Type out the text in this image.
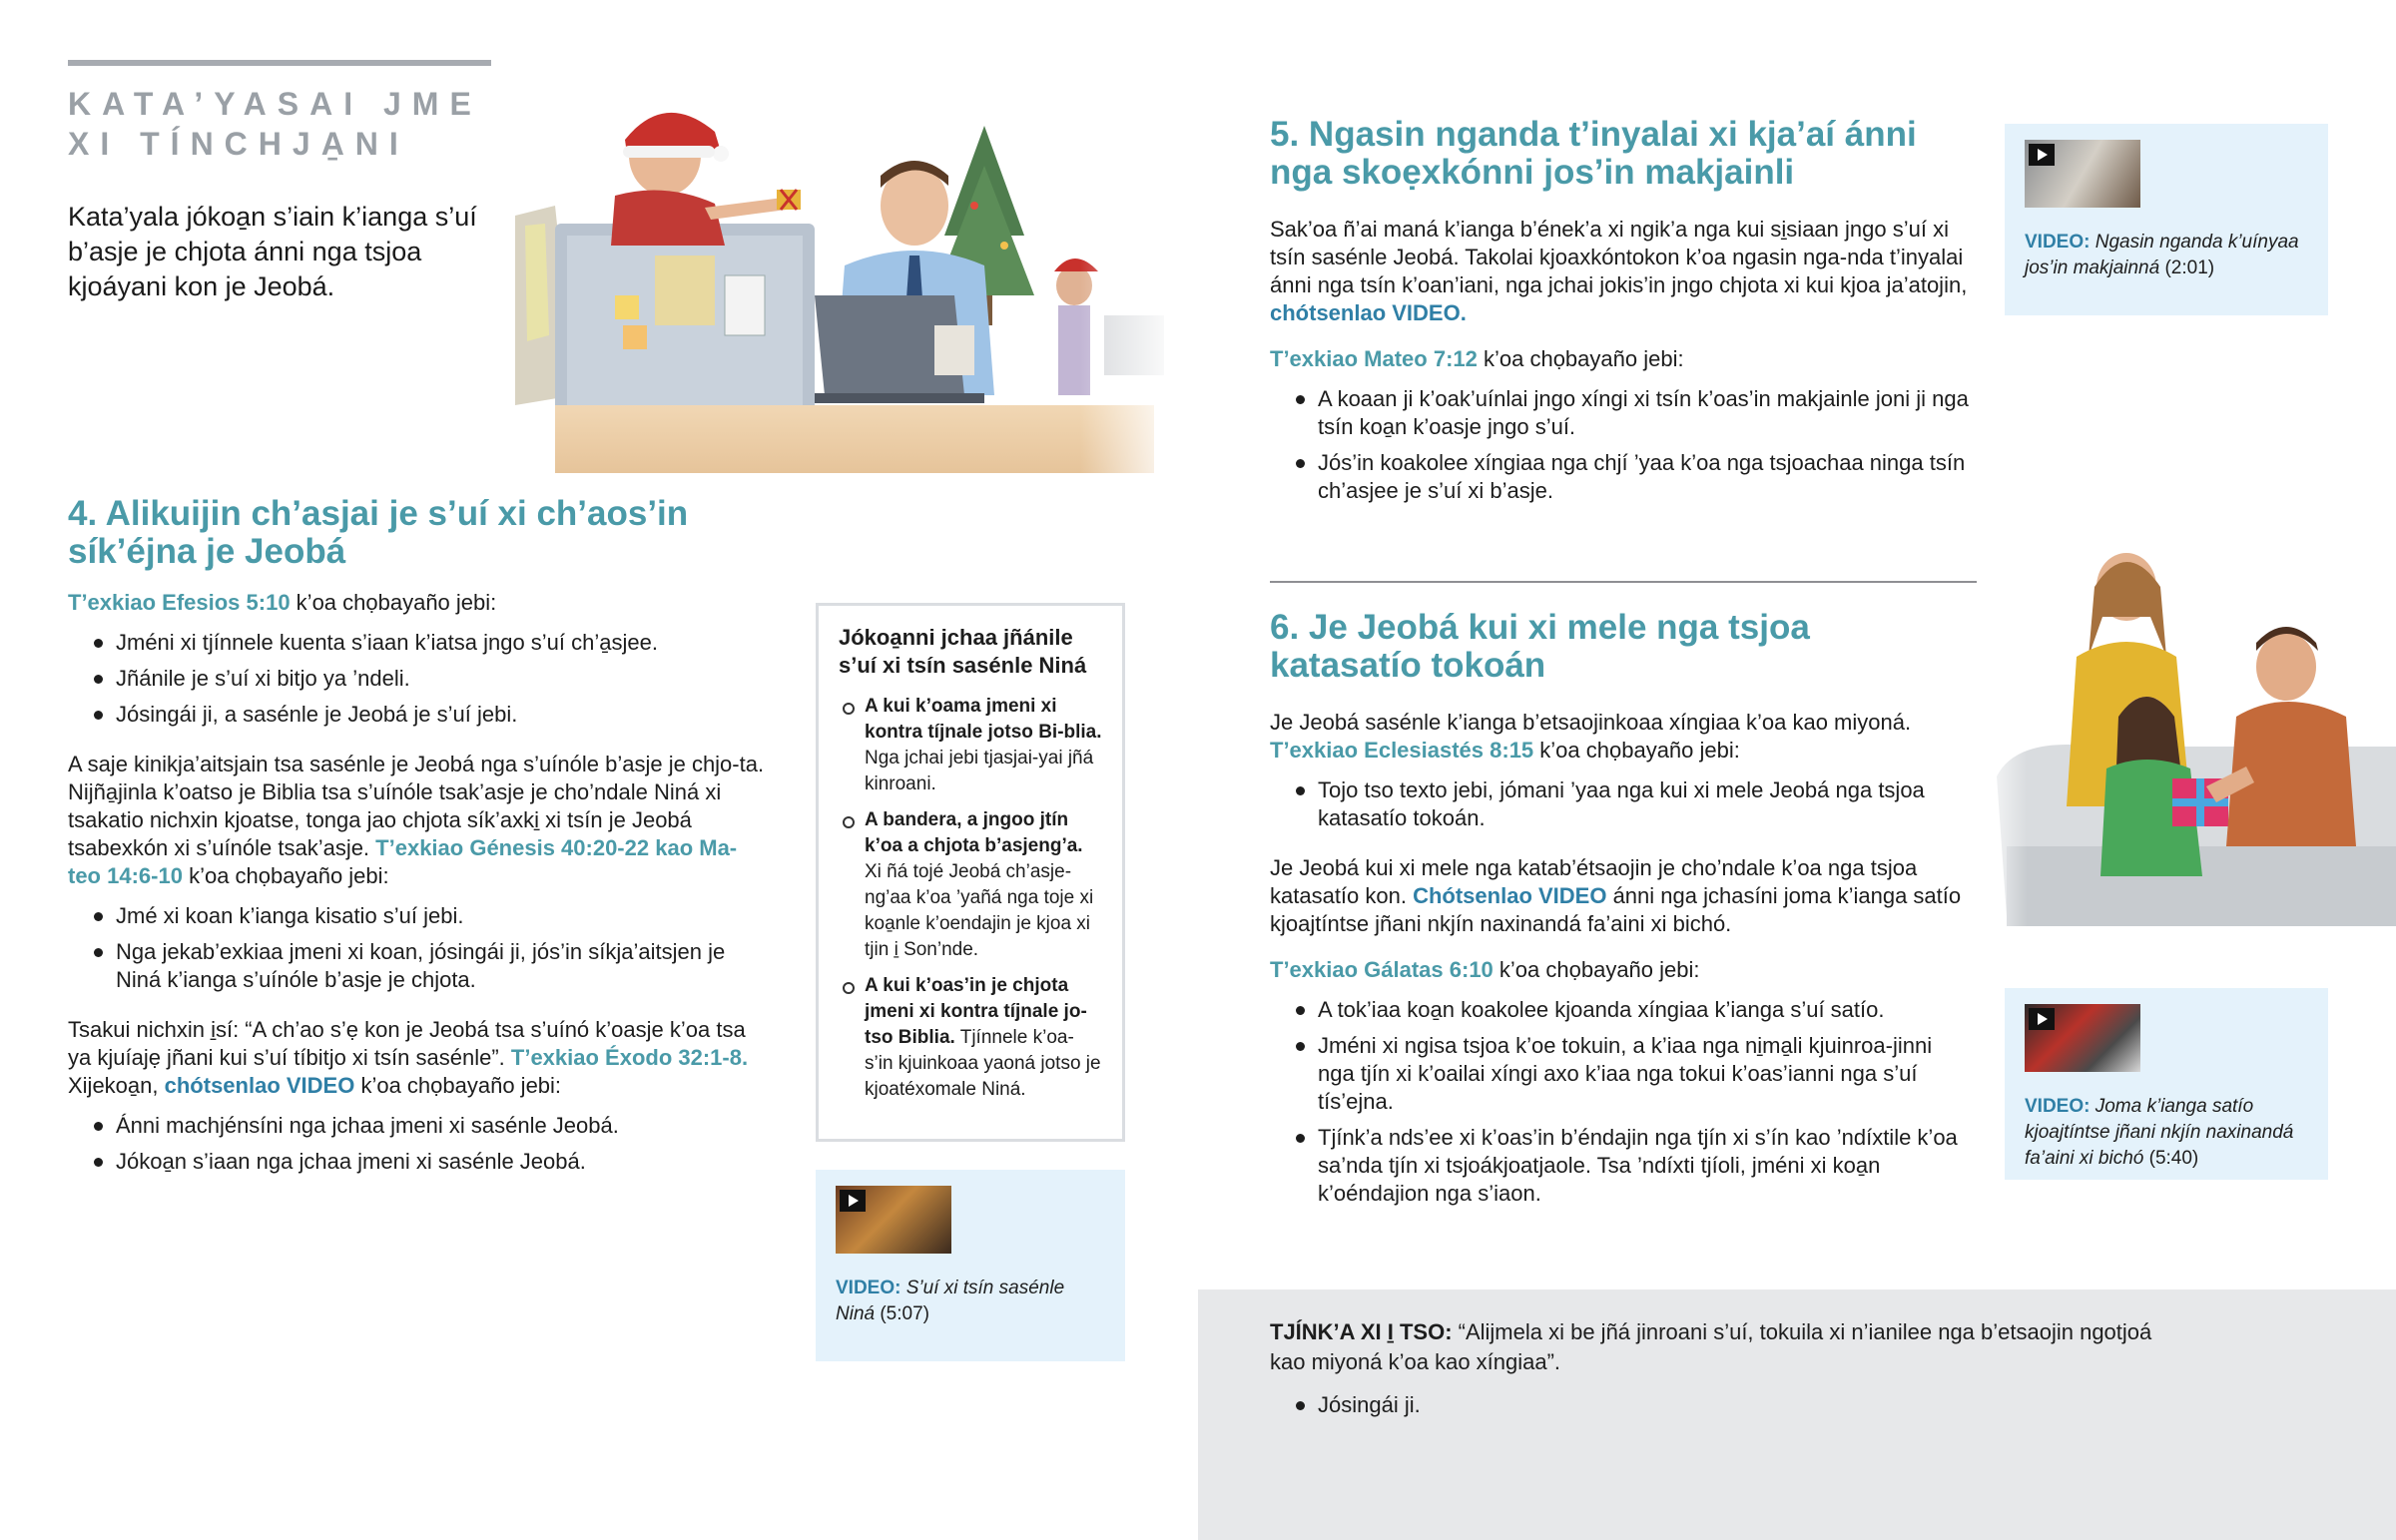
KATA’YASAI JME
XI TÍNCHJA̱NI
Kata’yala jókoa̱n s’iain k’ianga s’uí b’asje je chjota ánni nga tsjoa kjoáyani kon je Jeobá.
4. Alikuijin ch’asjai je s’uí xi ch’aos’in síkʼéjna je Jeobá

T’exkiao Efesios 5:10 k’oa chọbayaño jebi:

Jméni xi tjínnele kuenta s’iaan k’iatsa jngo s’uí ch’a̱sjee.
Jñánile je s’uí xi bitjo ya ’ndeli.
Jósingái ji, a sasénle je Jeobá je s’uí jebi.

A saje kinikja’aitsjain tsa sasénle je Jeobá nga s’uínóle b’asje je chjo-ta. Nijña̱jinla k’oatso je Biblia tsa s’uínóle tsak’asje je cho’ndale Niná xi tsakatio nichxin kjoatse, tonga jao chjota sík’axki̱ xi tsín je Jeobá tsabexkón xi s’uínóle tsak’asje. T’exkiao Génesis 40:20-22 kao Ma-teo 14:6-10 k’oa chọbayaño jebi:

Jmé xi koan k’ianga kisatio s’uí jebi.
Nga jekab’exkiaa jmeni xi koan, jósingái ji, jós’in síkja’aitsjen je Niná k’ianga s’uínóle b’asje je chjota.

Tsakui nichxin i̱sí: “A ch’ao s’ẹ kon je Jeobá tsa s’uínó k’oasje k’oa tsa ya kjuíajẹ jñani kui s’uí tíbitjo xi tsín sasénle”. T’exkiao Éxodo 32:1-8. Xijekoa̱n, chótsenlao VIDEO k’oa chọbayaño jebi:

Ánni machjénsíni nga jchaa jmeni xi sasénle Jeobá.
Jókoa̱n s’iaan nga jchaa jmeni xi sasénle Jeobá.
Jókoa̱nni jchaa jñánile s’uí xi tsín sasénle Niná
A kui k’oama jmeni xi kontra tíjnale jotso Bi-blia. Nga jchai jebi tjasjai-yai jñá kinroani.
A bandera, a jngoo jtín k’oa a chjota b’asjeng’a. Xi ñá tojé Jeobá ch’asje-ng’aa k’oa ’yañá nga toje xi koa̱nle k’oendajin je kjoa xi tjin i̱ Son’nde.
A kui k’oas’in je chjota jmeni xi kontra tíjnale jo-tso Biblia. Tjínnele k’oa-s’in kjuinkoaa yaoná jotso je kjoatéxomale Niná.
VIDEO: S’uí xi tsín sasénle Niná (5:07)
5. Ngasin nganda t’inyalai xi kja’aí ánni nga skoẹxkónni jos’in makjainli

Sak’oa ñ’ai maná k’ianga b’ének’a xi ngik’a nga kui si̱siaan jngo s’uí xi tsín sasénle Jeobá. Takolai kjoaxkóntokon k’oa ngasin nga-nda t’inyalai ánni nga tsín k’oan’iani, nga jchai jokis’in jngo chjota xi kui kjoa ja’atojin, chótsenlao VIDEO.

T’exkiao Mateo 7:12 k’oa chọbayaño jebi:

A koaan ji k’oak’uínlai jngo xíngi xi tsín k’oas’in makjainle joni ji nga tsín koa̱n k’oasje jngo s’uí.
Jós’in koakolee xíngiaa nga chjí ’yaa k’oa nga tsjoachaa ninga tsín ch’asjee je s’uí xi b’asje.
VIDEO: Ngasin nganda k’uínyaa jos’in makjainná (2:01)
6. Je Jeobá kui xi mele nga tsjoa katasatío tokoán

Je Jeobá sasénle k’ianga b’etsaojinkoaa xíngiaa k’oa kao miyoná.
T’exkiao Eclesiastés 8:15 k’oa chọbayaño jebi:

Tojo tso texto jebi, jómani ’yaa nga kui xi mele Jeobá nga tsjoa katasatío tokoán.

Je Jeobá kui xi mele nga katab’étsaojin je cho’ndale k’oa nga tsjoa katasatío kon. Chótsenlao VIDEO ánni nga jchasíni joma k’ianga satío kjoajtíntse jñani nkjín naxinandá fa’aini xi bichó.

T’exkiao Gálatas 6:10 k’oa chọbayaño jebi:

A tok’iaa koa̱n koakolee kjoanda xíngiaa k’ianga s’uí satío.
Jméni xi ngisa tsjoa k’oe tokuin, a k’iaa nga ni̱ma̱li kjuinroa-jinni nga tjín xi k’oailai xíngi axo k’iaa nga tokui k’oas’ianni nga s’uí tís’ejna.
Tjínk’a nds’ee xi k’oas’in b’éndajin nga tjín xi s’ín kao ’ndíxtile k’oa sa’nda tjín xi tsjoákjoatjaole. Tsa ’ndíxti tjíoli, jméni xi koa̱n k’oéndajion nga s’iaon.
VIDEO: Joma k’ianga satío kjoajtíntse jñani nkjín naxinandá fa’aini xi bichó (5:40)

TJÍNK’A XI I̱ TSO: “Alijmela xi be jñá jinroani s’uí, tokuila xi n’ianilee nga b’etsaojin ngotjoá kao miyoná k’oa kao xíngiaa”.

Jósingái ji.
